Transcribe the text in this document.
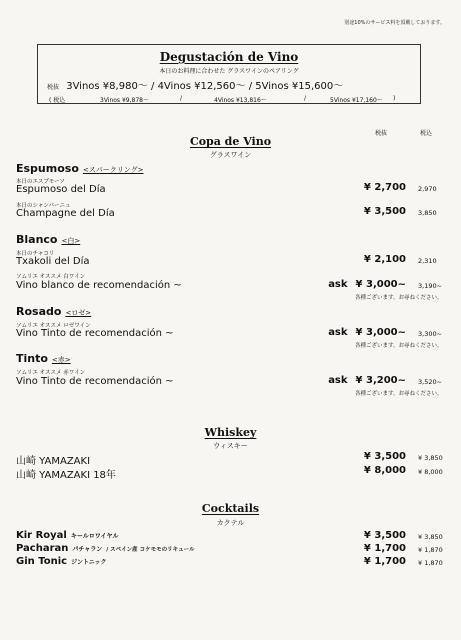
別途10%のサービス料を頂戴しております。
Degustación de Vino
本日のお料理に合わせた グラスワインのペアリング
税抜 3Vinos ¥8,980～ / 4Vinos ¥12,560～ / 5Vinos ¥15,600～
( 税込	3Vinos ¥9,878～	/	4Vinos ¥13,816～	/	5Vinos ¥17,160～ )
税抜	税込
Copa de Vino
グラスワイン
Espumoso <スパークリング>
本日のエスプモーソ
Espumoso del Día	¥ 2,700 2,970
本日のシャンパーニュ
Champagne del Día	¥ 3,500 3,850
Blanco <白>
本日のチャコリ
Txakoli del Día	¥ 2,100 2,310
ソムリエ オススメ 白ワイン
Vino blanco de recomendación ~	ask ¥ 3,000~ 3,190~
各種ございます。お尋ねください。
Rosado <ロゼ>
ソムリエ オススメ ロゼワイン
Vino Tinto de recomendación ~	ask ¥ 3,000~ 3,300~
各種ございます。お尋ねください。
Tinto <赤>
ソムリエ オススメ 赤ワイン
Vino Tinto de recomendación ~	ask ¥ 3,200~ 3,520~
各種ございます。お尋ねください。
Whiskey
ウィスキー
山崎 YAMAZAKI	¥ 3,500 ¥ 3,850
山崎 YAMAZAKI 18年	¥ 8,000 ¥ 8,000
Cocktails
カクテル
Kir Royal キールロワイヤル	¥ 3,500 ¥ 3,850
Pacharan パチャラン / スペイン産 コケモモのリキュール	¥ 1,700 ¥ 1,870
Gin Tonic ジントニック	¥ 1,700 ¥ 1,870
